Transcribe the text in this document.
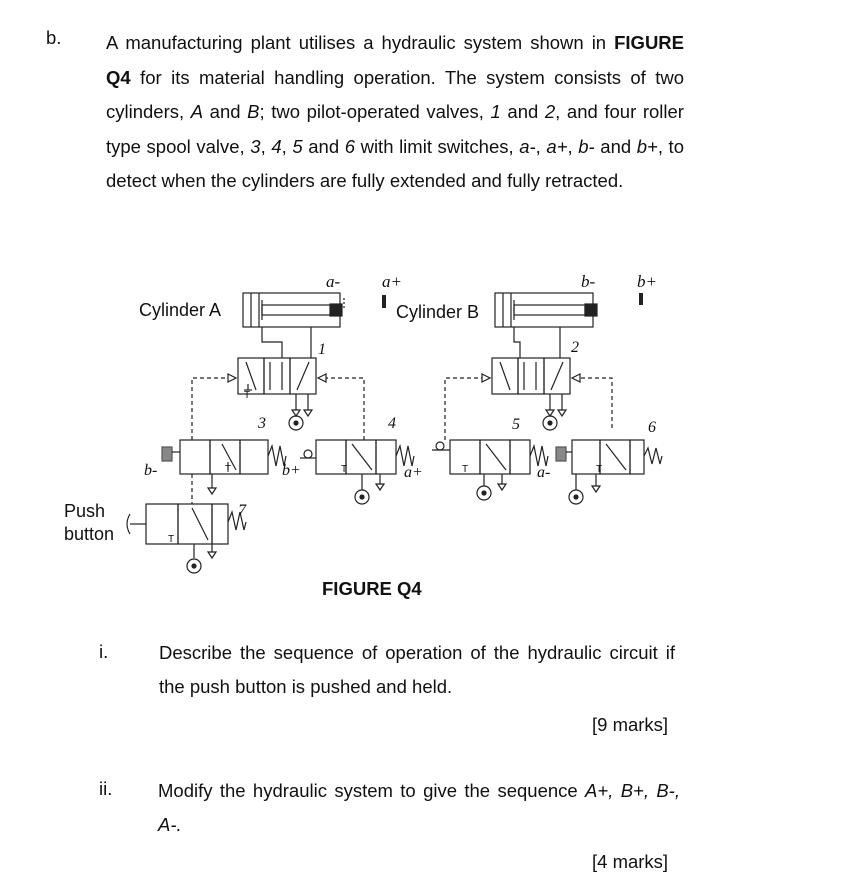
b. A manufacturing plant utilises a hydraulic system shown in FIGURE Q4 for its material handling operation. The system consists of two cylinders, A and B; two pilot-operated valves, 1 and 2, and four roller type spool valve, 3, 4, 5 and 6 with limit switches, a-, a+, b- and b+, to detect when the cylinders are fully extended and fully retracted.
Cylinder A	Cylinder B
a- a+	b- b+
3
1	2
5
b-
4
b+	a+
6
a-
7
Push
button
T
T	T	T	T
T
FIGURE Q4
i.	Describe the sequence of operation of the hydraulic circuit if the push button is pushed and held.
[9 marks]
ii. Modify the hydraulic system to give the sequence A+, B+, B-, A-.
[4 marks]
